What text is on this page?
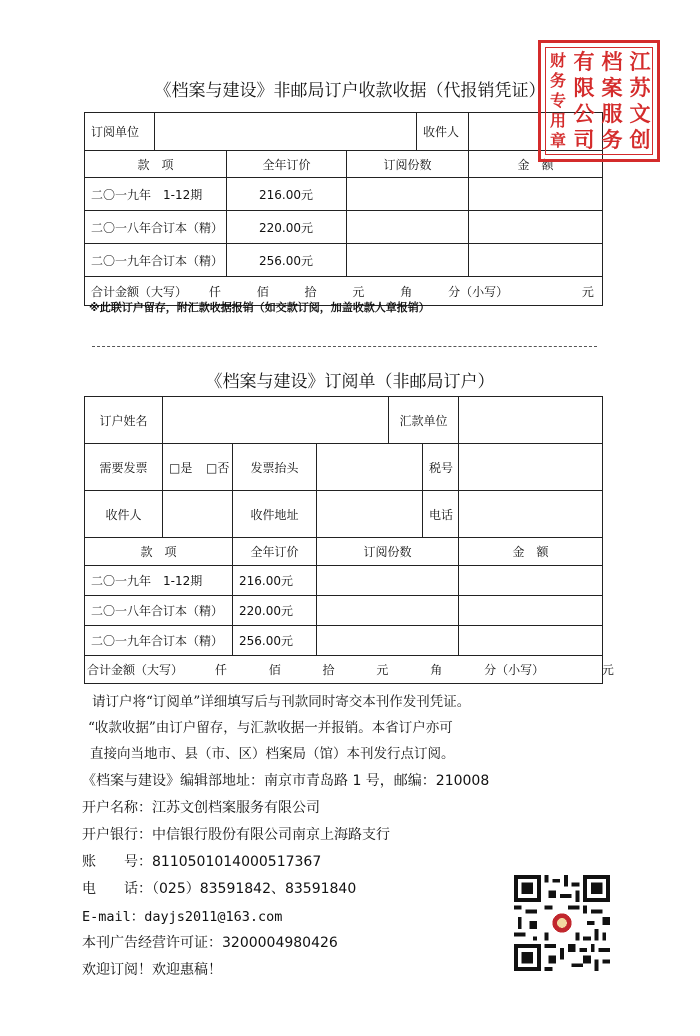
《档案与建设》非邮局订户收款收据（代报销凭证）
订阅单位				收件人	
款　项		全年订价	订阅份数		金　额
二〇一九年　1-12期		216.00元			
二〇一八年合订本（精）		220.00元			
二〇一九年合订本（精）		256.00元			
合计金额（大写） 仟 佰 拾 元 角 分（小写） 元					
※此联订户留存，附汇款收据报销（如交款订阅，加盖收款人章报销）
江
苏
文
创
档
案
服
务
有
限
公
司
财
务
专
用
章
《档案与建设》订阅单（非邮局订户）
订户姓名				汇款单位		
需要发票	□是 □否	发票抬头			税号	
收件人		收件地址			电话	
款　项		全年订价	订阅份数			金　额
二〇一九年　1-12期		216.00元				
二〇一八年合订本（精）		220.00元				
二〇一九年合订本（精）		256.00元				
合计金额（大写） 仟 佰 拾 元 角 分（小写） 元						
请订户将“订阅单”详细填写后与刊款同时寄交本刊作发刊凭证。
“收款收据”由订户留存，与汇款收据一并报销。本省订户亦可
直接向当地市、县（市、区）档案局（馆）本刊发行点订阅。
《档案与建设》编辑部地址：南京市青岛路 1 号，邮编：210008
开户名称：江苏文创档案服务有限公司
开户银行：中信银行股份有限公司南京上海路支行
账　　号：8110501014000517367
电　　话：（025）83591842、83591840
E-mail：dayjs2011@163.com
本刊广告经营许可证：3200004980426
欢迎订阅！欢迎惠稿！
